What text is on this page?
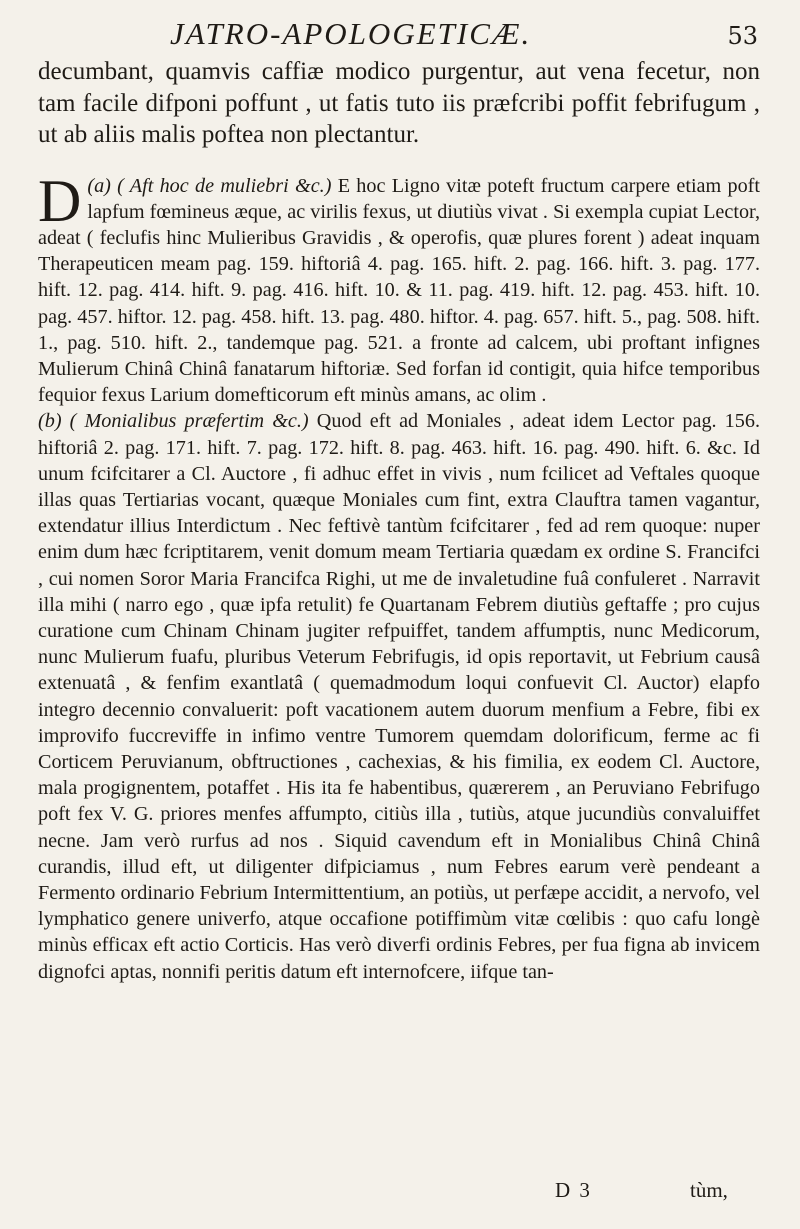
JATRO-APOLOGETICÆ.	53

decumbant, quamvis caffiæ modico purgentur, aut vena fecetur, non tam facile difponi poffunt , ut fatis tuto iis præfcribi poffit febrifugum , ut ab aliis malis poftea non plectantur.

(a) ( Aft hoc de muliebri &c.)
D	E hoc Ligno vitæ poteft fructum carpere etiam poft lapfum fœmineus æque, ac virilis fexus, ut diutiùs vivat . Si exempla cupiat Lector, adeat ( feclufis hinc Mulieribus Gravidis , & operofis, quæ plures forent ) adeat inquam Therapeuticen meam pag. 159. hiftoriâ 4. pag. 165. hift. 2. pag. 166. hift. 3. pag. 177. hift. 12. pag. 414. hift. 9. pag. 416. hift. 10. & 11. pag. 419. hift. 12. pag. 453. hift. 10. pag. 457. hiftor. 12. pag. 458. hift. 13. pag. 480. hiftor. 4. pag. 657. hift. 5., pag. 508. hift. 1., pag. 510. hift. 2., tandemque pag. 521. a fronte ad calcem, ubi proftant infignes Mulierum Chinâ Chinâ fanatarum hiftoriæ. Sed forfan id contigit, quia hifce temporibus fequior fexus Larium domefticorum eft minùs amans, ac olim .

(b) ( Monialibus præfertim &c.) Quod eft ad Moniales , adeat idem Lector pag. 156. hiftoriâ 2. pag. 171. hift. 7. pag. 172. hift. 8. pag. 463. hift. 16. pag. 490. hift. 6. &c. Id unum fcifcitarer a Cl. Auctore , fi adhuc effet in vivis , num fcilicet ad Veftales quoque illas quas Tertiarias vocant, quæque Moniales cum fint, extra Clauftra tamen vagantur, extendatur illius Interdictum . Nec feftivè tantùm fcifcitarer , fed ad rem quoque: nuper enim dum hæc fcriptitarem, venit domum meam Tertiaria quædam ex ordine S. Francifci , cui nomen Soror Maria Francifca Righi, ut me de invaletudine fuâ confuleret . Narravit illa mihi ( narro ego , quæ ipfa retulit) fe Quartanam Febrem diutiùs geftaffe ; pro cujus curatione cum Chinam Chinam jugiter refpuiffet, tandem affumptis, nunc Medicorum, nunc Mulierum fuafu, pluribus Veterum Febrifugis, id opis reportavit, ut Febrium causâ extenuatâ , & fenfim exantlatâ ( quemadmodum loqui confuevit Cl. Auctor) elapfo integro decennio convaluerit: poft vacationem autem duorum menfium a Febre, fibi ex improvifo fuccreviffe in infimo ventre Tumorem quemdam dolorificum, ferme ac fi Corticem Peruvianum, obftructiones , cachexias, & his fimilia, ex eodem Cl. Auctore, mala progignentem, potaffet . His ita fe habentibus, quærerem , an Peruviano Febrifugo poft fex V. G. priores menfes affumpto, citiùs illa , tutiùs, atque jucundiùs convaluiffet necne. Jam verò rurfus ad nos . Siquid cavendum eft in Monialibus Chinâ Chinâ curandis, illud eft, ut diligenter difpiciamus , num Febres earum verè pendeant a Fermento ordinario Febrium Intermittentium, an potiùs, ut perfæpe accidit, a nervofo, vel lymphatico genere univerfo, atque occafione potiffimùm vitæ cœlibis : quo cafu longè minùs efficax eft actio Corticis. Has verò diverfi ordinis Febres, per fua figna ab invicem dignofci aptas, nonnifi peritis datum eft internofcere, iifque tan-

D 3	tùm,
